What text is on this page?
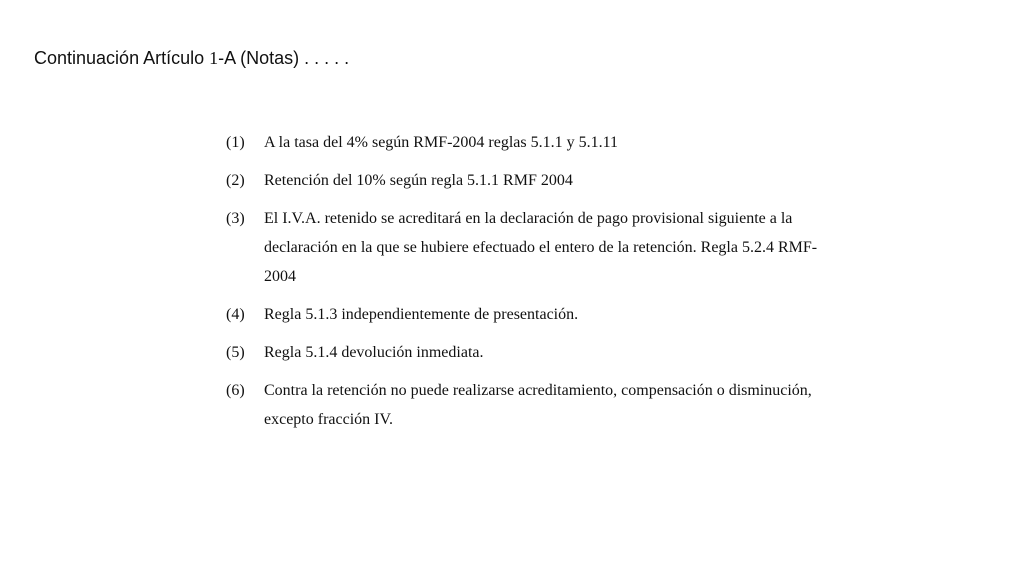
Continuación Artículo 1-A (Notas) . . . . .
(1)	A la tasa del 4% según RMF-2004 reglas 5.1.1 y 5.1.11
(2)	Retención del 10% según regla 5.1.1 RMF 2004
(3)	El I.V.A. retenido se acreditará en la declaración de pago provisional siguiente a la declaración en la que se hubiere efectuado el entero de la retención. Regla 5.2.4 RMF-2004
(4)	Regla 5.1.3 independientemente de presentación.
(5)	Regla 5.1.4 devolución inmediata.
(6)	Contra la retención no puede realizarse acreditamiento, compensación o disminución, excepto fracción IV.
